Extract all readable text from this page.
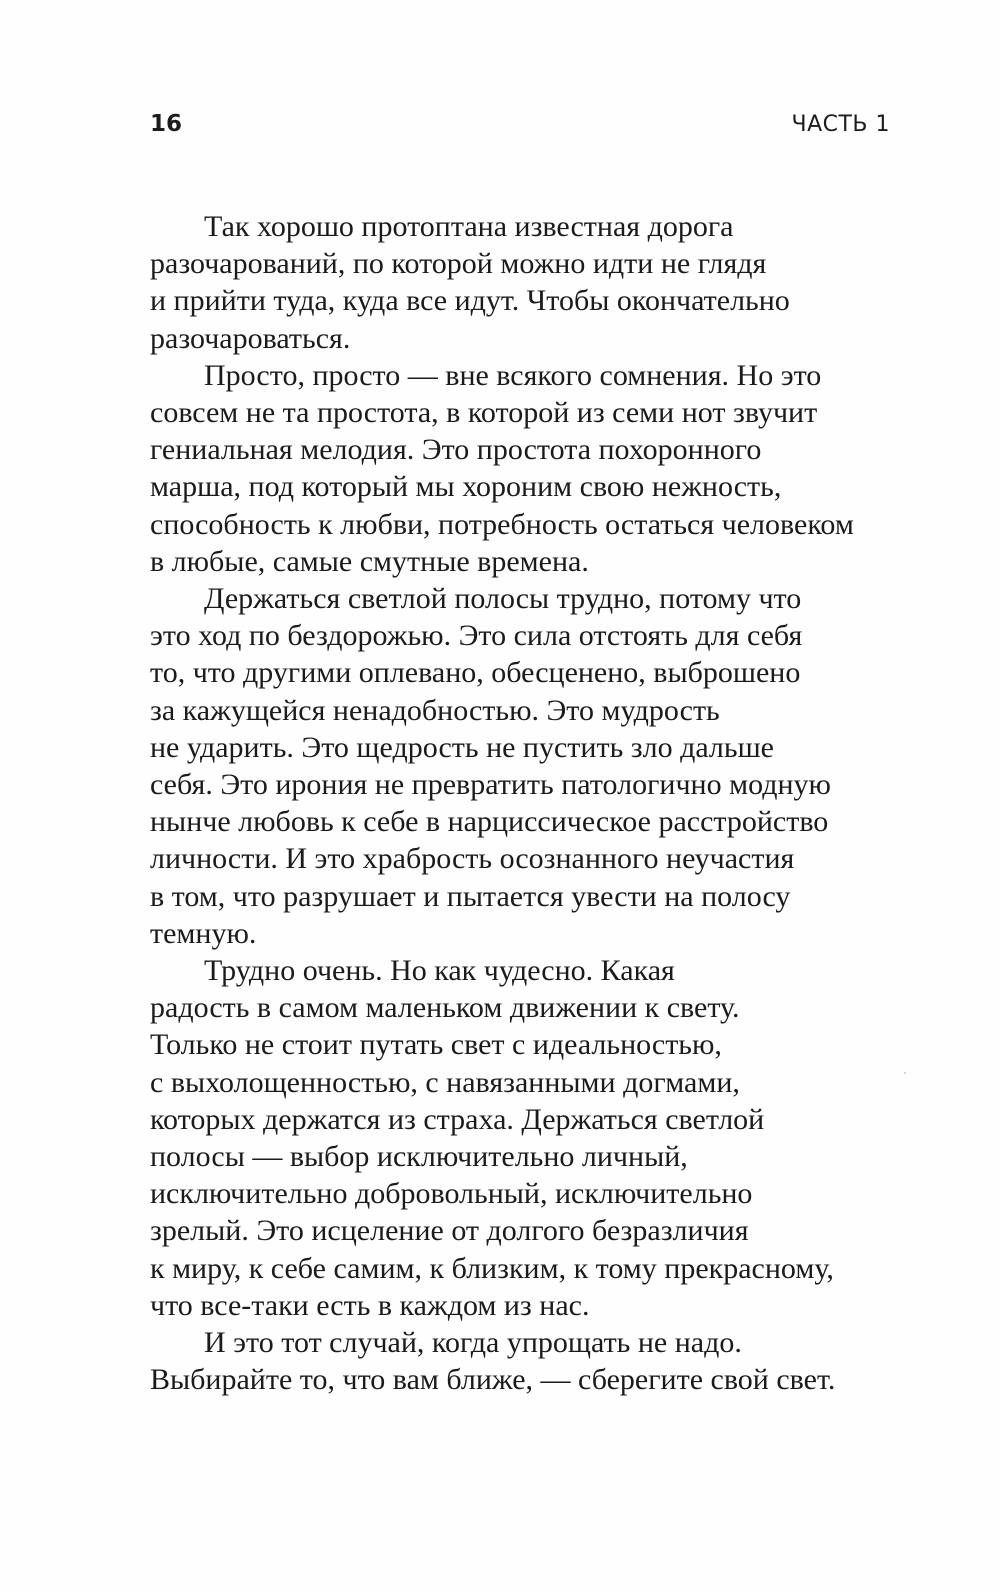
16	ЧАСТЬ 1

Так хорошо протоптана известная дорога
разочарований, по которой можно идти не глядя
и прийти туда, куда все идут. Чтобы окончательно
разочароваться.

Просто, просто — вне всякого сомнения. Но это
совсем не та простота, в которой из семи нот звучит
гениальная мелодия. Это простота похоронного
марша, под который мы хороним свою нежность,
способность к любви, потребность остаться человеком
в любые, самые смутные времена.

Держаться светлой полосы трудно, потому что
это ход по бездорожью. Это сила отстоять для себя
то, что другими оплевано, обесценено, выброшено
за кажущейся ненадобностью. Это мудрость
не ударить. Это щедрость не пустить зло дальше
себя. Это ирония не превратить патологично модную
нынче любовь к себе в нарциссическое расстройство
личности. И это храбрость осознанного неучастия
в том, что разрушает и пытается увести на полосу
темную.

Трудно очень. Но как чудесно. Какая
радость в самом маленьком движении к свету.
Только не стоит путать свет с идеальностью,
с выхолощенностью, с навязанными догмами,
которых держатся из страха. Держаться светлой
полосы — выбор исключительно личный,
исключительно добровольный, исключительно
зрелый. Это исцеление от долгого безразличия
к миру, к себе самим, к близким, к тому прекрасному,
что все-таки есть в каждом из нас.

И это тот случай, когда упрощать не надо.
Выбирайте то, что вам ближе, — сберегите свой свет.
